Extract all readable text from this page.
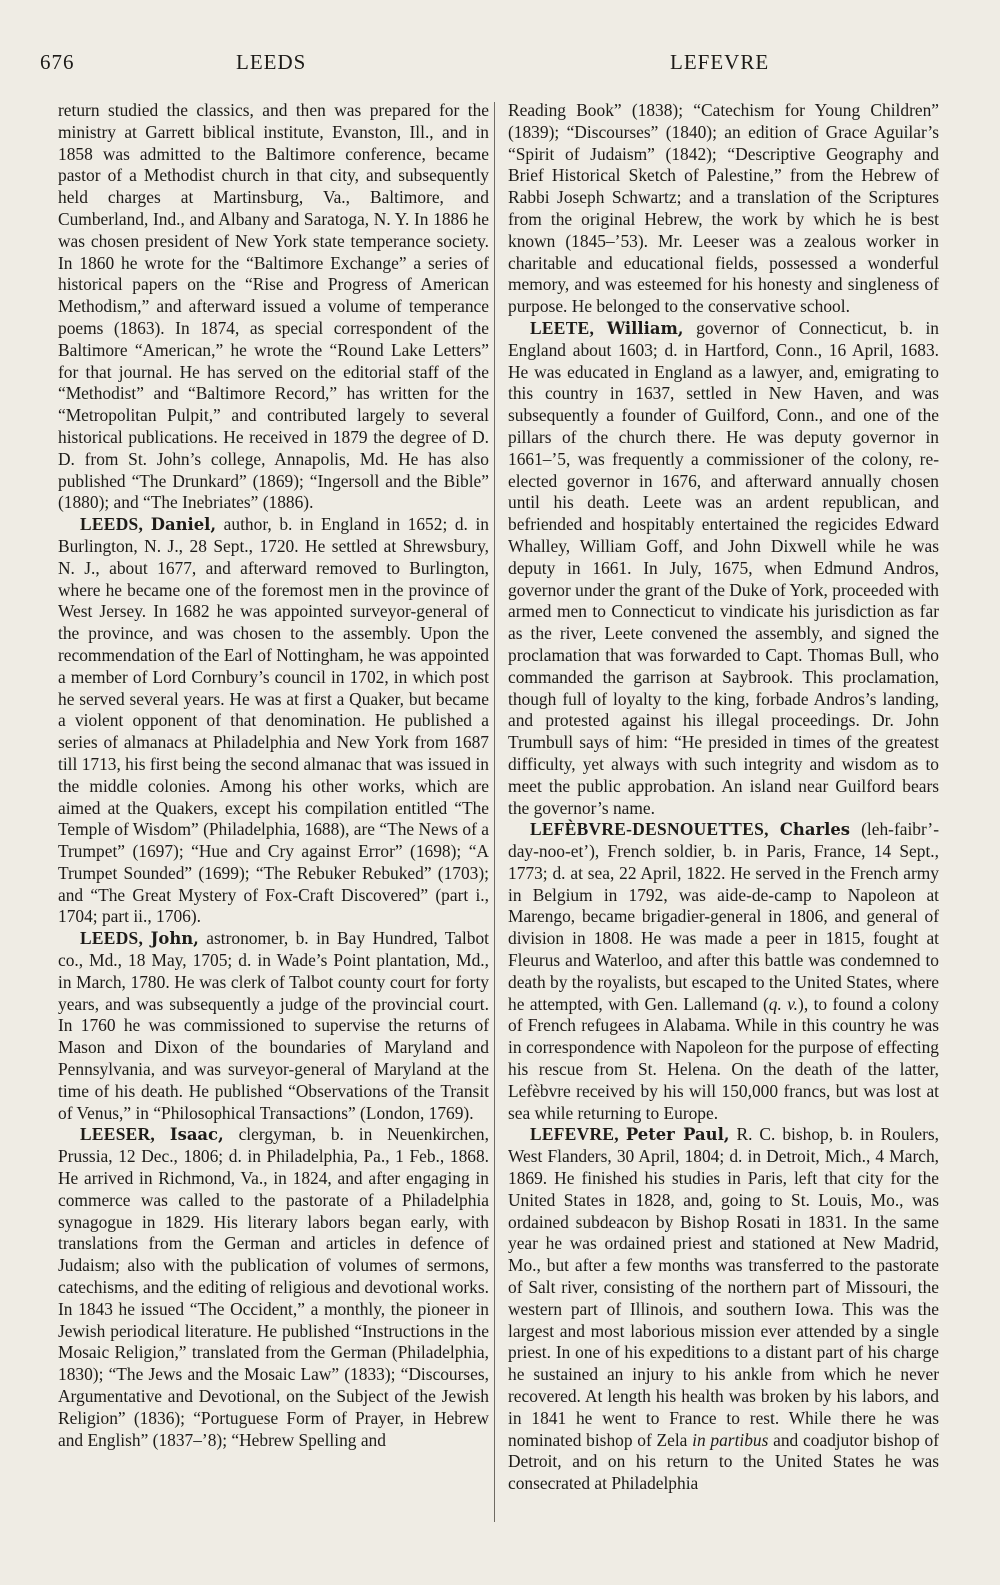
676	LEEDS	LEFEVRE

return studied the classics, and then was prepared for the ministry at Garrett biblical institute, Evanston, Ill., and in 1858 was admitted to the Baltimore conference, became pastor of a Methodist church in that city, and subsequently held charges at Martinsburg, Va., Baltimore, and Cumberland, Ind., and Albany and Saratoga, N. Y. In 1886 he was chosen president of New York state temperance society. In 1860 he wrote for the “Baltimore Exchange” a series of historical papers on the “Rise and Progress of American Methodism,” and afterward issued a volume of temperance poems (1863). In 1874, as special correspondent of the Baltimore “American,” he wrote the “Round Lake Letters” for that journal. He has served on the editorial staff of the “Methodist” and “Baltimore Record,” has written for the “Metropolitan Pulpit,” and contributed largely to several historical publications. He received in 1879 the degree of D. D. from St. John’s college, Annapolis, Md. He has also published “The Drunkard” (1869); “Ingersoll and the Bible” (1880); and “The Inebriates” (1886).

LEEDS, Daniel, author, b. in England in 1652; d. in Burlington, N. J., 28 Sept., 1720. He settled at Shrewsbury, N. J., about 1677, and afterward removed to Burlington, where he became one of the foremost men in the province of West Jersey. In 1682 he was appointed surveyor-general of the province, and was chosen to the assembly. Upon the recommendation of the Earl of Nottingham, he was appointed a member of Lord Cornbury’s council in 1702, in which post he served several years. He was at first a Quaker, but became a violent opponent of that denomination. He published a series of almanacs at Philadelphia and New York from 1687 till 1713, his first being the second almanac that was issued in the middle colonies. Among his other works, which are aimed at the Quakers, except his compilation entitled “The Temple of Wisdom” (Philadelphia, 1688), are “The News of a Trumpet” (1697); “Hue and Cry against Error” (1698); “A Trumpet Sounded” (1699); “The Rebuker Rebuked” (1703); and “The Great Mystery of Fox-Craft Discovered” (part i., 1704; part ii., 1706).

LEEDS, John, astronomer, b. in Bay Hundred, Talbot co., Md., 18 May, 1705; d. in Wade’s Point plantation, Md., in March, 1780. He was clerk of Talbot county court for forty years, and was subsequently a judge of the provincial court. In 1760 he was commissioned to supervise the returns of Mason and Dixon of the boundaries of Maryland and Pennsylvania, and was surveyor-general of Maryland at the time of his death. He published “Observations of the Transit of Venus,” in “Philosophical Transactions” (London, 1769).

LEESER, Isaac, clergyman, b. in Neuenkirchen, Prussia, 12 Dec., 1806; d. in Philadelphia, Pa., 1 Feb., 1868. He arrived in Richmond, Va., in 1824, and after engaging in commerce was called to the pastorate of a Philadelphia synagogue in 1829. His literary labors began early, with translations from the German and articles in defence of Judaism; also with the publication of volumes of sermons, catechisms, and the editing of religious and devotional works. In 1843 he issued “The Occident,” a monthly, the pioneer in Jewish periodical literature. He published “Instructions in the Mosaic Religion,” translated from the German (Philadelphia, 1830); “The Jews and the Mosaic Law” (1833); “Discourses, Argumentative and Devotional, on the Subject of the Jewish Religion” (1836); “Portuguese Form of Prayer, in Hebrew and English” (1837–’8); “Hebrew Spelling and

Reading Book” (1838); “Catechism for Young Children” (1839); “Discourses” (1840); an edition of Grace Aguilar’s “Spirit of Judaism” (1842); “Descriptive Geography and Brief Historical Sketch of Palestine,” from the Hebrew of Rabbi Joseph Schwartz; and a translation of the Scriptures from the original Hebrew, the work by which he is best known (1845–’53). Mr. Leeser was a zealous worker in charitable and educational fields, possessed a wonderful memory, and was esteemed for his honesty and singleness of purpose. He belonged to the conservative school.

LEETE, William, governor of Connecticut, b. in England about 1603; d. in Hartford, Conn., 16 April, 1683. He was educated in England as a lawyer, and, emigrating to this country in 1637, settled in New Haven, and was subsequently a founder of Guilford, Conn., and one of the pillars of the church there. He was deputy governor in 1661–’5, was frequently a commissioner of the colony, re-elected governor in 1676, and afterward annually chosen until his death. Leete was an ardent republican, and befriended and hospitably entertained the regicides Edward Whalley, William Goff, and John Dixwell while he was deputy in 1661. In July, 1675, when Edmund Andros, governor under the grant of the Duke of York, proceeded with armed men to Connecticut to vindicate his jurisdiction as far as the river, Leete convened the assembly, and signed the proclamation that was forwarded to Capt. Thomas Bull, who commanded the garrison at Saybrook. This proclamation, though full of loyalty to the king, forbade Andros’s landing, and protested against his illegal proceedings. Dr. John Trumbull says of him: “He presided in times of the greatest difficulty, yet always with such integrity and wisdom as to meet the public approbation. An island near Guilford bears the governor’s name.

LEFÈBVRE-DESNOUETTES, Charles (leh-faibr’-day-noo-et’), French soldier, b. in Paris, France, 14 Sept., 1773; d. at sea, 22 April, 1822. He served in the French army in Belgium in 1792, was aide-de-camp to Napoleon at Marengo, became brigadier-general in 1806, and general of division in 1808. He was made a peer in 1815, fought at Fleurus and Waterloo, and after this battle was condemned to death by the royalists, but escaped to the United States, where he attempted, with Gen. Lallemand (q. v.), to found a colony of French refugees in Alabama. While in this country he was in correspondence with Napoleon for the purpose of effecting his rescue from St. Helena. On the death of the latter, Lefèbvre received by his will 150,000 francs, but was lost at sea while returning to Europe.

LEFEVRE, Peter Paul, R. C. bishop, b. in Roulers, West Flanders, 30 April, 1804; d. in Detroit, Mich., 4 March, 1869. He finished his studies in Paris, left that city for the United States in 1828, and, going to St. Louis, Mo., was ordained subdeacon by Bishop Rosati in 1831. In the same year he was ordained priest and stationed at New Madrid, Mo., but after a few months was transferred to the pastorate of Salt river, consisting of the northern part of Missouri, the western part of Illinois, and southern Iowa. This was the largest and most laborious mission ever attended by a single priest. In one of his expeditions to a distant part of his charge he sustained an injury to his ankle from which he never recovered. At length his health was broken by his labors, and in 1841 he went to France to rest. While there he was nominated bishop of Zela in partibus and coadjutor bishop of Detroit, and on his return to the United States he was consecrated at Philadelphia
